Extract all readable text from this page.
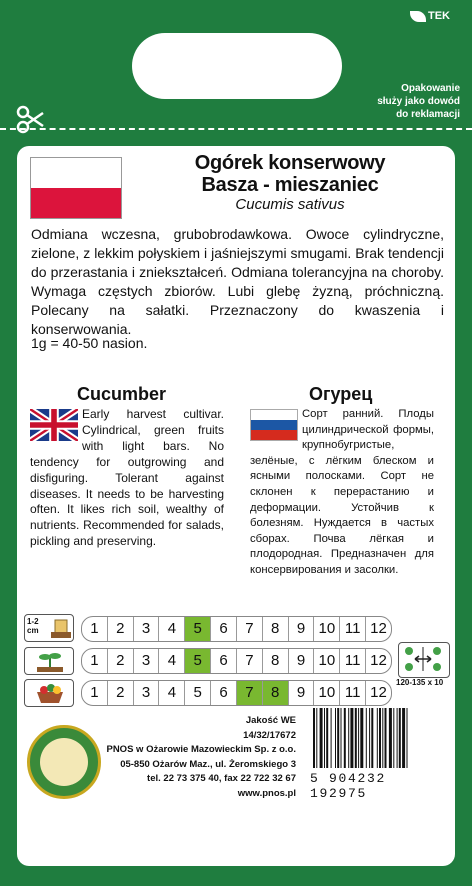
TEK
Opakowanie
służy jako dowód
do reklamacji
Ogórek konserwowy
Basza - mieszaniec
Cucumis sativus
Odmiana wczesna, grubobrodawkowa. Owoce cylindryczne, zielone, z lekkim połyskiem i jaśniejszymi smugami. Brak tendencji do przerastania i zniekształceń. Odmiana tolerancyjna na choroby. Wymaga częstych zbiorów. Lubi glebę żyzną, próchniczną. Polecany na sałatki. Przeznaczony do kwaszenia i konserwowania.
1g = 40-50 nasion.
Cucumber	Огурец
Early harvest cultivar. Cylindrical, green fruits with light bars. No tendency for outgrowing and disfiguring. Tolerant against diseases. It needs to be harvesting often. It likes rich soil, wealthy of nutrients. Recommended for salads, pickling and preserving.
Сорт ранний. Плоды цилиндрической формы, крупнобугристые, зелёные, с лёгким блеском и ясными полосками. Сорт не склонен к перерастанию и деформации. Устойчив к болезням. Нуждается в частых сборах. Почва лёгкая и плодородная. Предназначен для консервирования и засолки.
1-2 cm	1	2	3	4	5	6	7	8	9 10 11 12
1	2	3	4	5	6	7	8	9 10 11 12
1	2	3	4	5	6	7	8	9 10 11 12
120-135 x 10
Jakość WE
14/32/17672
PNOS w Ożarowie Mazowieckim Sp. z o.o.
05-850 Ożarów Maz., ul. Żeromskiego 3
tel. 22 73 375 40, fax 22 722 32 67
www.pnos.pl
5 904232 192975
